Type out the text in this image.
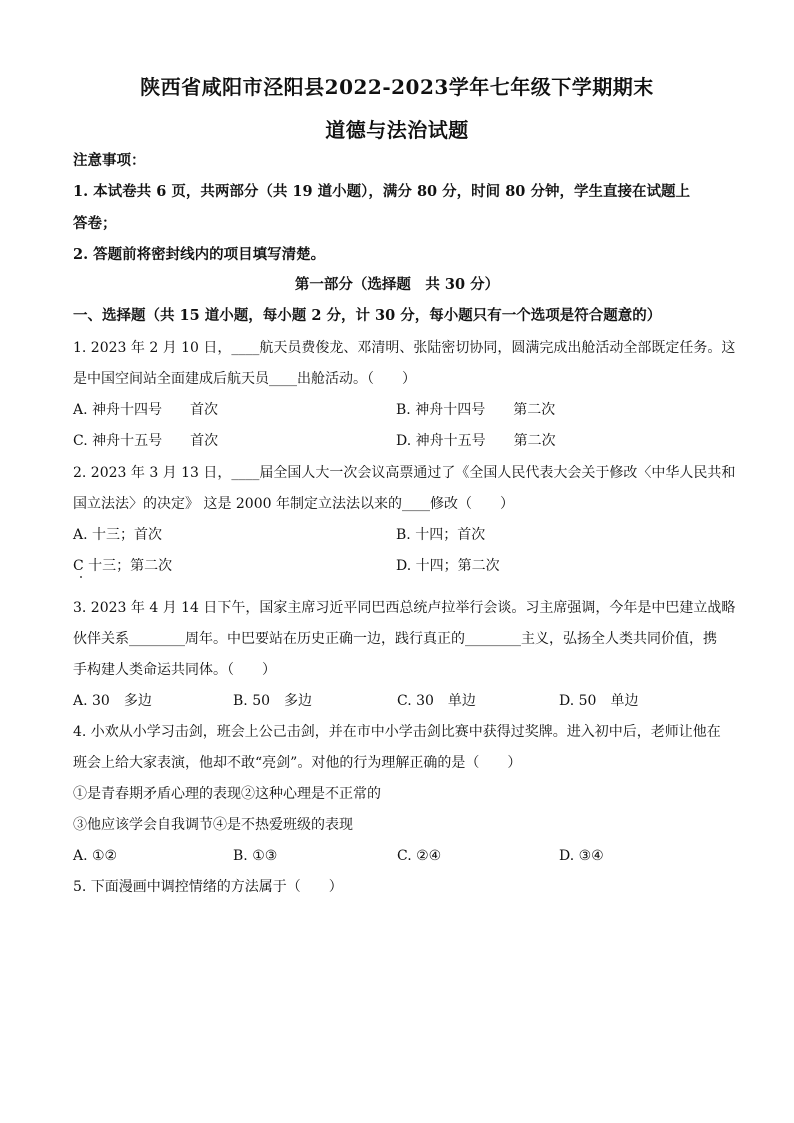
陕西省咸阳市泾阳县2022-2023学年七年级下学期期末
道德与法治试题
注意事项：
1. 本试卷共 6 页，共两部分（共 19 道小题），满分 80 分，时间 80 分钟，学生直接在试题上
答卷；
2. 答题前将密封线内的项目填写清楚。
第一部分（选择题　共 30 分）
一、选择题（共 15 道小题，每小题 2 分，计 30 分，每小题只有一个选项是符合题意的）
1. 2023 年 2 月 10 日，____航天员费俊龙、邓清明、张陆密切协同，圆满完成出舱活动全部既定任务。这
是中国空间站全面建成后航天员____出舱活动。（　　）
A. 神舟十四号　　首次	B. 神舟十四号　　第二次
C. 神舟十五号　　首次	D. 神舟十五号　　第二次
2. 2023 年 3 月 13 日，____届全国人大一次会议高票通过了《全国人民代表大会关于修改〈中华人民共和
国立法法〉的决定》 这是 2000 年制定立法法以来的____修改（　　）
A. 十三；首次	B. 十四；首次
C 十三；第二次	D. 十四；第二次
3. 2023 年 4 月 14 日下午，国家主席习近平同巴西总统卢拉举行会谈。习主席强调，今年是中巴建立战略
伙伴关系________周年。中巴要站在历史正确一边，践行真正的________主义，弘扬全人类共同价值，携
手构建人类命运共同体。（　　）
A. 30　多边	B. 50　多边	C. 30　单边	D. 50　单边
4. 小欢从小学习击剑，班会上公己击剑，并在市中小学击剑比赛中获得过奖牌。进入初中后，老师让他在
班会上给大家表演，他却不敢“亮剑”。对他的行为理解正确的是（　　）
①是青春期矛盾心理的表现②这种心理是不正常的
③他应该学会自我调节④是不热爱班级的表现
A. ①②	B. ①③	C. ②④	D. ③④
5. 下面漫画中调控情绪的方法属于（　　）
